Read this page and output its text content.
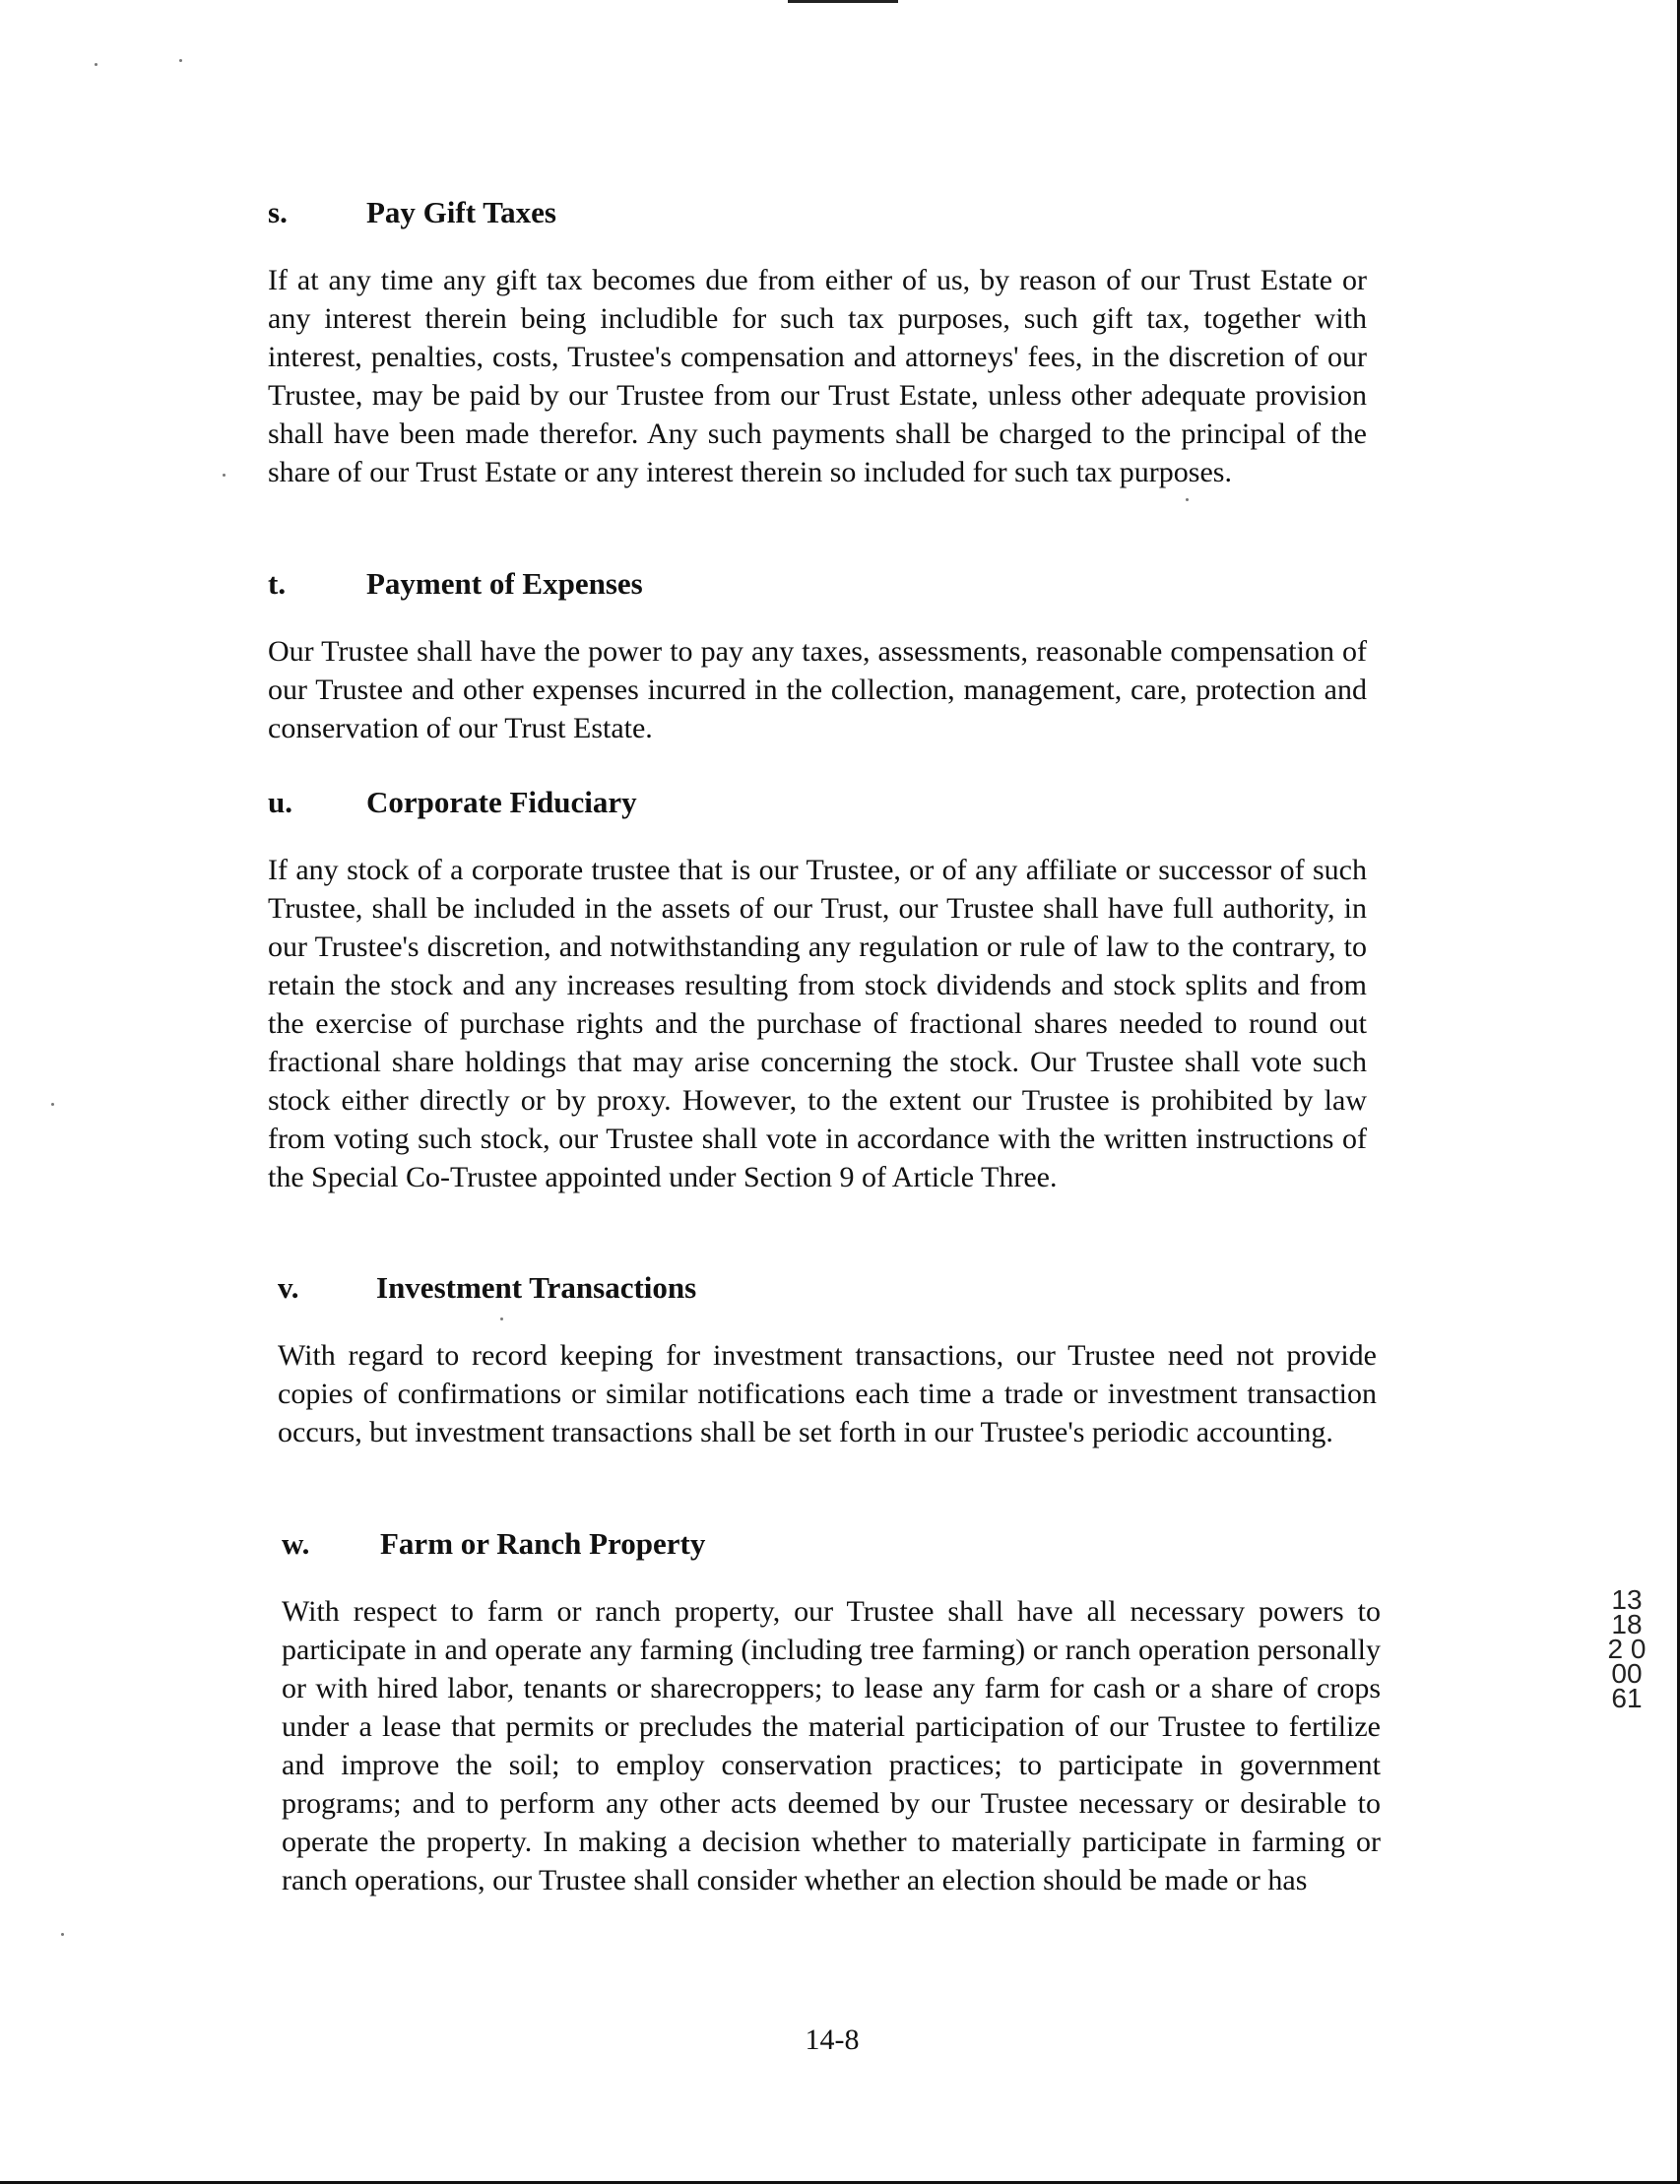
s.	Pay Gift Taxes

If at any time any gift tax becomes due from either of us, by reason of our Trust Estate or any interest therein being includible for such tax purposes, such gift tax, together with interest, penalties, costs, Trustee's compensation and attorneys' fees, in the discretion of our Trustee, may be paid by our Trustee from our Trust Estate, unless other adequate provision shall have been made therefor. Any such payments shall be charged to the principal of the share of our Trust Estate or any interest therein so included for such tax purposes.

t.	Payment of Expenses

Our Trustee shall have the power to pay any taxes, assessments, reasonable compensation of our Trustee and other expenses incurred in the collection, management, care, protection and conservation of our Trust Estate.

u. Corporate Fiduciary

If any stock of a corporate trustee that is our Trustee, or of any affiliate or successor of such Trustee, shall be included in the assets of our Trust, our Trustee shall have full authority, in our Trustee's discretion, and notwithstanding any regulation or rule of law to the contrary, to retain the stock and any increases resulting from stock dividends and stock splits and from the exercise of purchase rights and the purchase of fractional shares needed to round out fractional share holdings that may arise concerning the stock. Our Trustee shall vote such stock either directly or by proxy. However, to the extent our Trustee is prohibited by law from voting such stock, our Trustee shall vote in accordance with the written instructions of the Special Co-Trustee appointed under Section 9 of Article Three.

v.	Investment Transactions

With regard to record keeping for investment transactions, our Trustee need not provide copies of confirmations or similar notifications each time a trade or investment transaction occurs, but investment transactions shall be set forth in our Trustee's periodic accounting.

w. Farm or Ranch Property

With respect to farm or ranch property, our Trustee shall have all necessary powers to participate in and operate any farming (including tree farming) or ranch operation personally or with hired labor, tenants or sharecroppers; to lease any farm for cash or a share of crops under a lease that permits or precludes the material participation of our Trustee to fertilize and improve the soil; to employ conservation practices; to participate in government programs; and to perform any other acts deemed by our Trustee necessary or desirable to operate the property. In making a decision whether to materially participate in farming or ranch operations, our Trustee shall consider whether an election should be made or has

14-8
13182 00061
